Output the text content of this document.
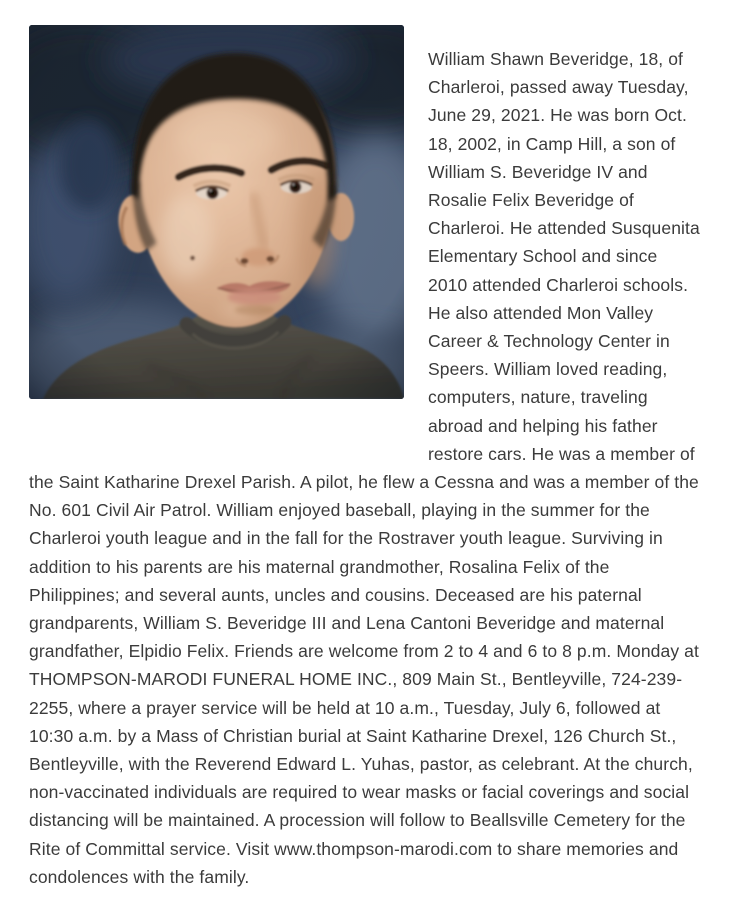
William Shawn Beveridge, 18, of Charleroi, passed away Tuesday, June 29, 2021. He was born Oct. 18, 2002, in Camp Hill, a son of William S. Beveridge IV and Rosalie Felix Beveridge of Charleroi. He attended Susquenita Elementary School and since 2010 attended Charleroi schools. He also attended Mon Valley Career & Technology Center in Speers. William loved reading, computers, nature, traveling abroad and helping his father restore cars. He was a member of the Saint Katharine Drexel Parish. A pilot, he flew a Cessna and was a member of the No. 601 Civil Air Patrol. William enjoyed baseball, playing in the summer for the Charleroi youth league and in the fall for the Rostraver youth league. Surviving in addition to his parents are his maternal grandmother, Rosalina Felix of the Philippines; and several aunts, uncles and cousins. Deceased are his paternal grandparents, William S. Beveridge III and Lena Cantoni Beveridge and maternal grandfather, Elpidio Felix. Friends are welcome from 2 to 4 and 6 to 8 p.m. Monday at THOMPSON-MARODI FUNERAL HOME INC., 809 Main St., Bentleyville, 724-239-2255, where a prayer service will be held at 10 a.m., Tuesday, July 6, followed at 10:30 a.m. by a Mass of Christian burial at Saint Katharine Drexel, 126 Church St., Bentleyville, with the Reverend Edward L. Yuhas, pastor, as celebrant. At the church, non-vaccinated individuals are required to wear masks or facial coverings and social distancing will be maintained. A procession will follow to Beallsville Cemetery for the Rite of Committal service. Visit www.thompson-marodi.com to share memories and condolences with the family.
